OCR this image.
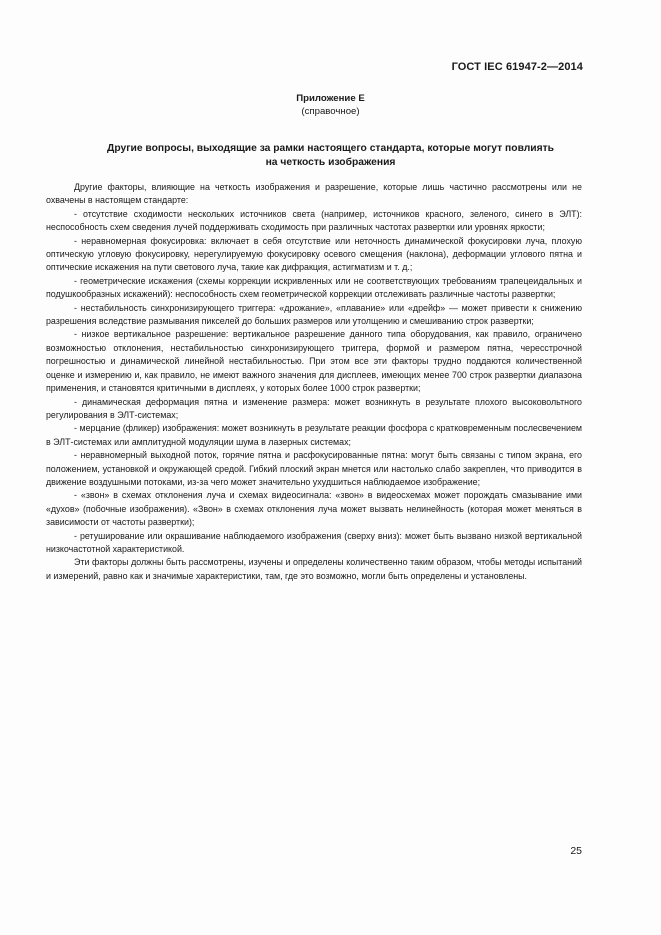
ГОСТ IEC 61947-2—2014
Приложение Е
(справочное)
Другие вопросы, выходящие за рамки настоящего стандарта, которые могут повлиять
на четкость изображения

Другие факторы, влияющие на четкость изображения и разрешение, которые лишь частично рассмотрены или не охвачены в настоящем стандарте:

- отсутствие сходимости нескольких источников света (например, источников красного, зеленого, синего в ЭЛТ): неспособность схем сведения лучей поддерживать сходимость при различных частотах развертки или уровнях яркости;

- неравномерная фокусировка: включает в себя отсутствие или неточность динамической фокусировки луча, плохую оптическую угловую фокусировку, нерегулируемую фокусировку осевого смещения (наклона), деформации углового пятна и оптические искажения на пути светового луча, такие как дифракция, астигматизм и т. д.;

- геометрические искажения (схемы коррекции искривленных или не соответствующих требованиям трапецеидальных и подушкообразных искажений): неспособность схем геометрической коррекции отслеживать различные частоты развертки;

- нестабильность синхронизирующего триггера: «дрожание», «плавание» или «дрейф» — может привести к снижению разрешения вследствие размывания пикселей до больших размеров или утолщению и смешиванию строк развертки;

- низкое вертикальное разрешение: вертикальное разрешение данного типа оборудования, как правило, ограничено возможностью отклонения, нестабильностью синхронизирующего триггера, формой и размером пятна, чересстрочной погрешностью и динамической линейной нестабильностью. При этом все эти факторы трудно поддаются количественной оценке и измерению и, как правило, не имеют важного значения для дисплеев, имеющих менее 700 строк развертки диапазона применения, и становятся критичными в дисплеях, у которых более 1000 строк развертки;

- динамическая деформация пятна и изменение размера: может возникнуть в результате плохого высоковольтного регулирования в ЭЛТ-системах;

- мерцание (фликер) изображения: может возникнуть в результате реакции фосфора с кратковременным послесвечением в ЭЛТ-системах или амплитудной модуляции шума в лазерных системах;

- неравномерный выходной поток, горячие пятна и расфокусированные пятна: могут быть связаны с типом экрана, его положением, установкой и окружающей средой. Гибкий плоский экран мнется или настолько слабо закреплен, что приводится в движение воздушными потоками, из-за чего может значительно ухудшиться наблюдаемое изображение;

- «звон» в схемах отклонения луча и схемах видеосигнала: «звон» в видеосхемах может порождать смазывание ими «духов» (побочные изображения). «Звон» в схемах отклонения луча может вызвать нелинейность (которая может меняться в зависимости от частоты развертки);

- ретуширование или окрашивание наблюдаемого изображения (сверху вниз): может быть вызвано низкой вертикальной низкочастотной характеристикой.

Эти факторы должны быть рассмотрены, изучены и определены количественно таким образом, чтобы методы испытаний и измерений, равно как и значимые характеристики, там, где это возможно, могли быть определены и установлены.

25
